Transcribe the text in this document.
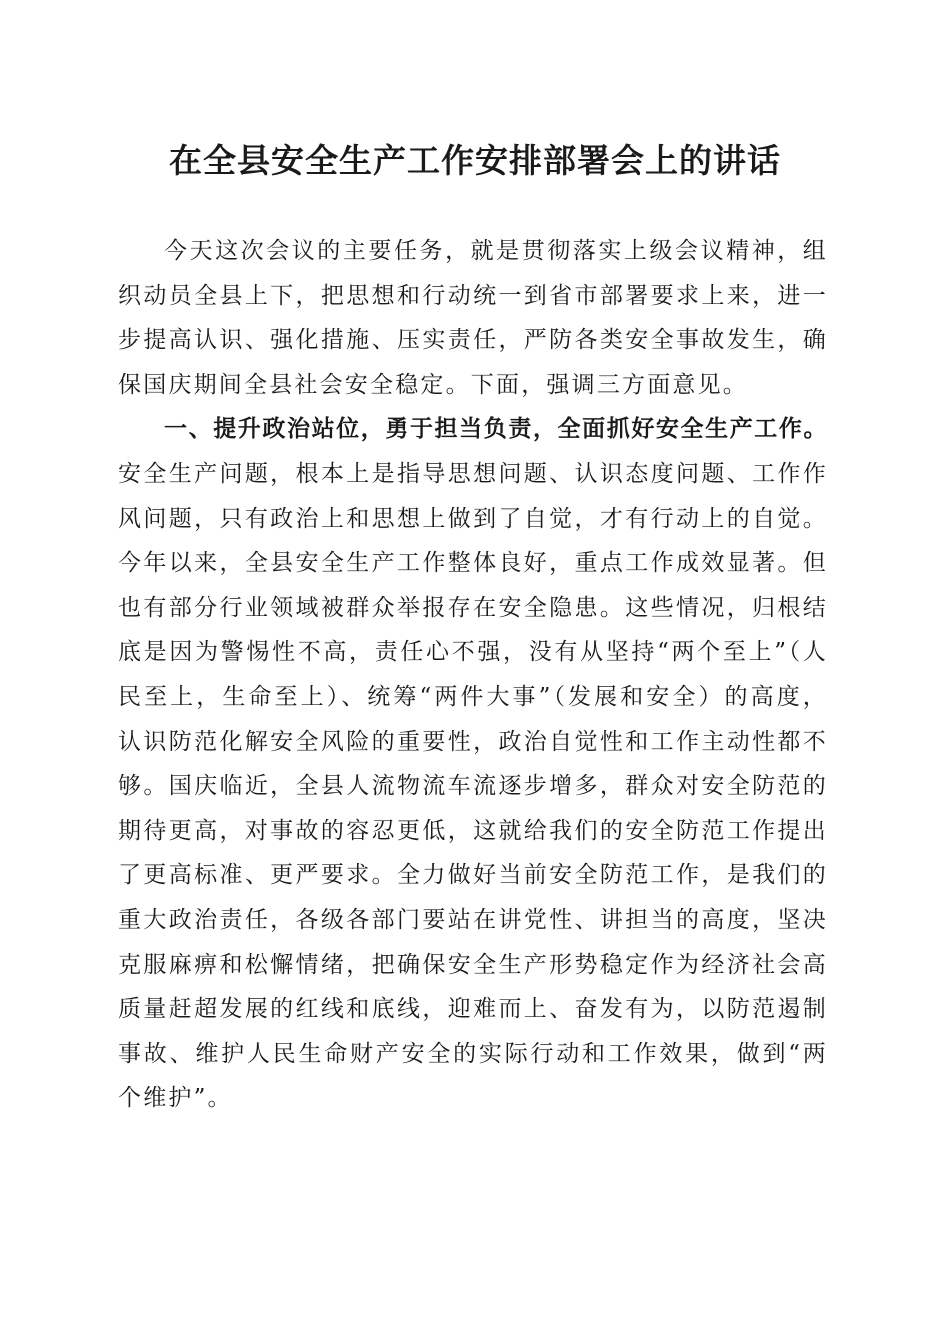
在全县安全生产工作安排部署会上的讲话

今天这次会议的主要任务，就是贯彻落实上级会议精神，组织动员全县上下，把思想和行动统一到省市部署要求上来，进一步提高认识、强化措施、压实责任，严防各类安全事故发生，确保国庆期间全县社会安全稳定。下面，强调三方面意见。

一、提升政治站位，勇于担当负责，全面抓好安全生产工作。安全生产问题，根本上是指导思想问题、认识态度问题、工作作风问题，只有政治上和思想上做到了自觉，才有行动上的自觉。今年以来，全县安全生产工作整体良好，重点工作成效显著。但也有部分行业领域被群众举报存在安全隐患。这些情况，归根结底是因为警惕性不高，责任心不强，没有从坚持“两个至上”（人民至上，生命至上）、统筹“两件大事”（发展和安全）的高度，认识防范化解安全风险的重要性，政治自觉性和工作主动性都不够。国庆临近，全县人流物流车流逐步增多，群众对安全防范的期待更高，对事故的容忍更低，这就给我们的安全防范工作提出了更高标准、更严要求。全力做好当前安全防范工作，是我们的重大政治责任，各级各部门要站在讲党性、讲担当的高度，坚决克服麻痹和松懈情绪，把确保安全生产形势稳定作为经济社会高质量赶超发展的红线和底线，迎难而上、奋发有为，以防范遏制事故、维护人民生命财产安全的实际行动和工作效果，做到“两个维护”。
